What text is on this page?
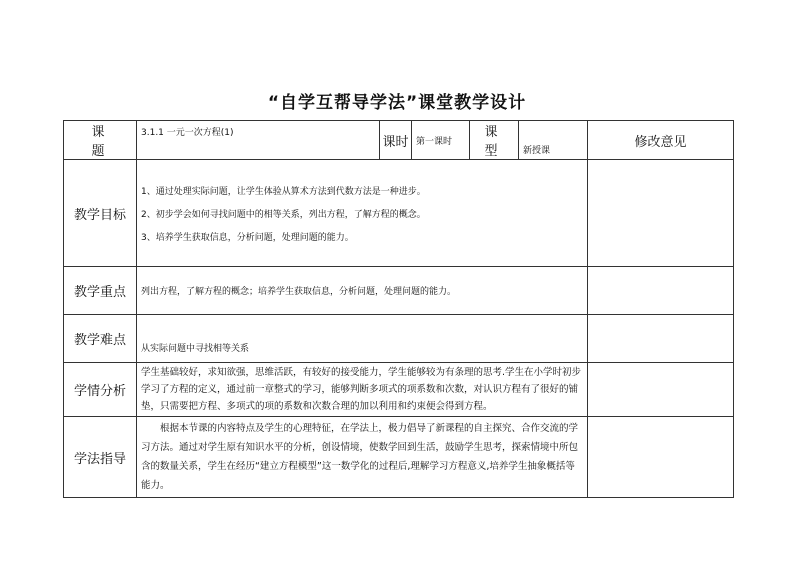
“自学互帮导学法”课堂教学设计
课 题	3.1.1 一元一次方程(1)	课时	第一课时	课 型	新授课	修改意见
教学目标	1、通过处理实际问题，让学生体验从算术方法到代数方法是一种进步。

2、初步学会如何寻找问题中的相等关系，列出方程，了解方程的概念。

3、培养学生获取信息，分析问题，处理问题的能力。					

教学重点	列出方程，了解方程的概念；培养学生获取信息，分析问题，处理问题的能力。					
教学难点	从实际问题中寻找相等关系					
学情分析	学生基础较好，求知欲强，思维活跃，有较好的接受能力，学生能够较为有条理的思考.学生在小学时初步学习了方程的定义，通过前一章整式的学习，能够判断多项式的项系数和次数，对认识方程有了很好的铺垫，只需要把方程、多项式的项的系数和次数合理的加以利用和约束便会得到方程。					
学法指导	根据本节课的内容特点及学生的心理特征，在学法上，极力倡导了新课程的自主探究、合作交流的学习方法。通过对学生原有知识水平的分析，创设情境，使数学回到生活，鼓励学生思考，探索情境中所包含的数量关系，学生在经历“建立方程模型”这一数学化的过程后,理解学习方程意义,培养学生抽象概括等能力。					
